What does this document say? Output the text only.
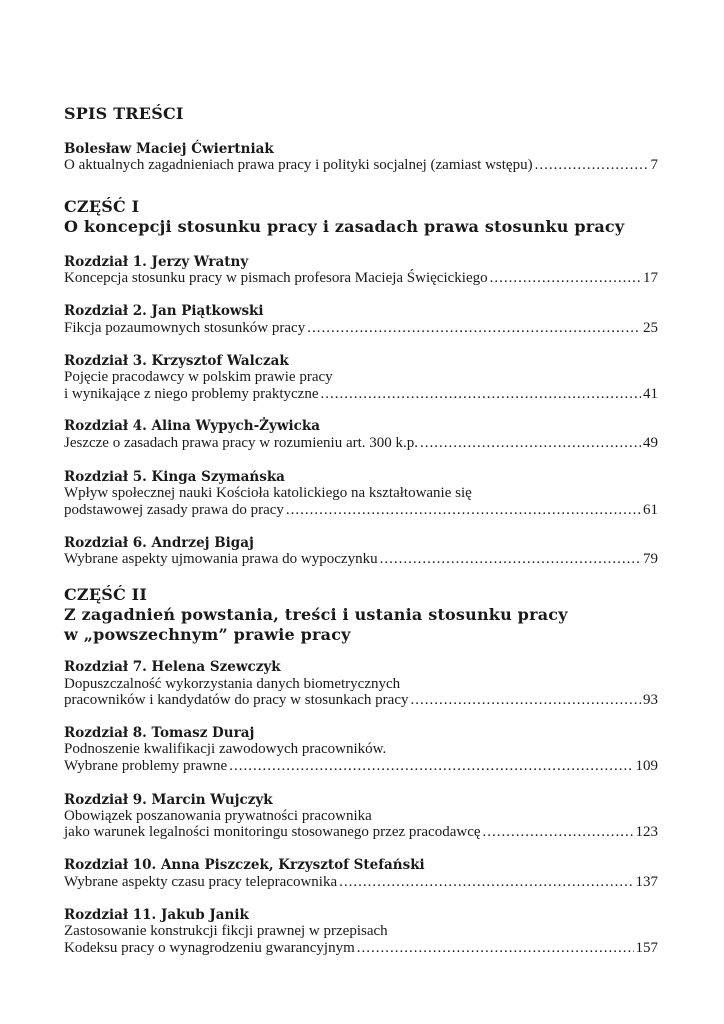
SPIS TREŚCI
Bolesław Maciej Ćwiertniak
O aktualnych zagadnieniach prawa pracy i polityki socjalnej (zamiast wstępu) .....	7
CZĘŚĆ I
O koncepcji stosunku pracy i zasadach prawa stosunku pracy
Rozdział 1. Jerzy Wratny
Koncepcja stosunku pracy w pismach profesora Macieja Święcickiego .....	17
Rozdział 2. Jan Piątkowski
Fikcja pozaumownych stosunków pracy .....	25
Rozdział 3. Krzysztof Walczak
Pojęcie pracodawcy w polskim prawie pracy
i wynikające z niego problemy praktyczne .....	41
Rozdział 4. Alina Wypych-Żywicka
Jeszcze o zasadach prawa pracy w rozumieniu art. 300 k.p. .....	49
Rozdział 5. Kinga Szymańska
Wpływ społecznej nauki Kościoła katolickiego na kształtowanie się
podstawowej zasady prawa do pracy .....	61
Rozdział 6. Andrzej Bigaj
Wybrane aspekty ujmowania prawa do wypoczynku .....	79
CZĘŚĆ II
Z zagadnień powstania, treści i ustania stosunku pracy
w „powszechnym” prawie pracy
Rozdział 7. Helena Szewczyk
Dopuszczalność wykorzystania danych biometrycznych
pracowników i kandydatów do pracy w stosunkach pracy .....	93
Rozdział 8. Tomasz Duraj
Podnoszenie kwalifikacji zawodowych pracowników.
Wybrane problemy prawne .....	109
Rozdział 9. Marcin Wujczyk
Obowiązek poszanowania prywatności pracownika
jako warunek legalności monitoringu stosowanego przez pracodawcę .....	123
Rozdział 10. Anna Piszczek, Krzysztof Stefański
Wybrane aspekty czasu pracy telepracownika .....	137
Rozdział 11. Jakub Janik
Zastosowanie konstrukcji fikcji prawnej w przepisach
Kodeksu pracy o wynagrodzeniu gwarancyjnym .....	157
